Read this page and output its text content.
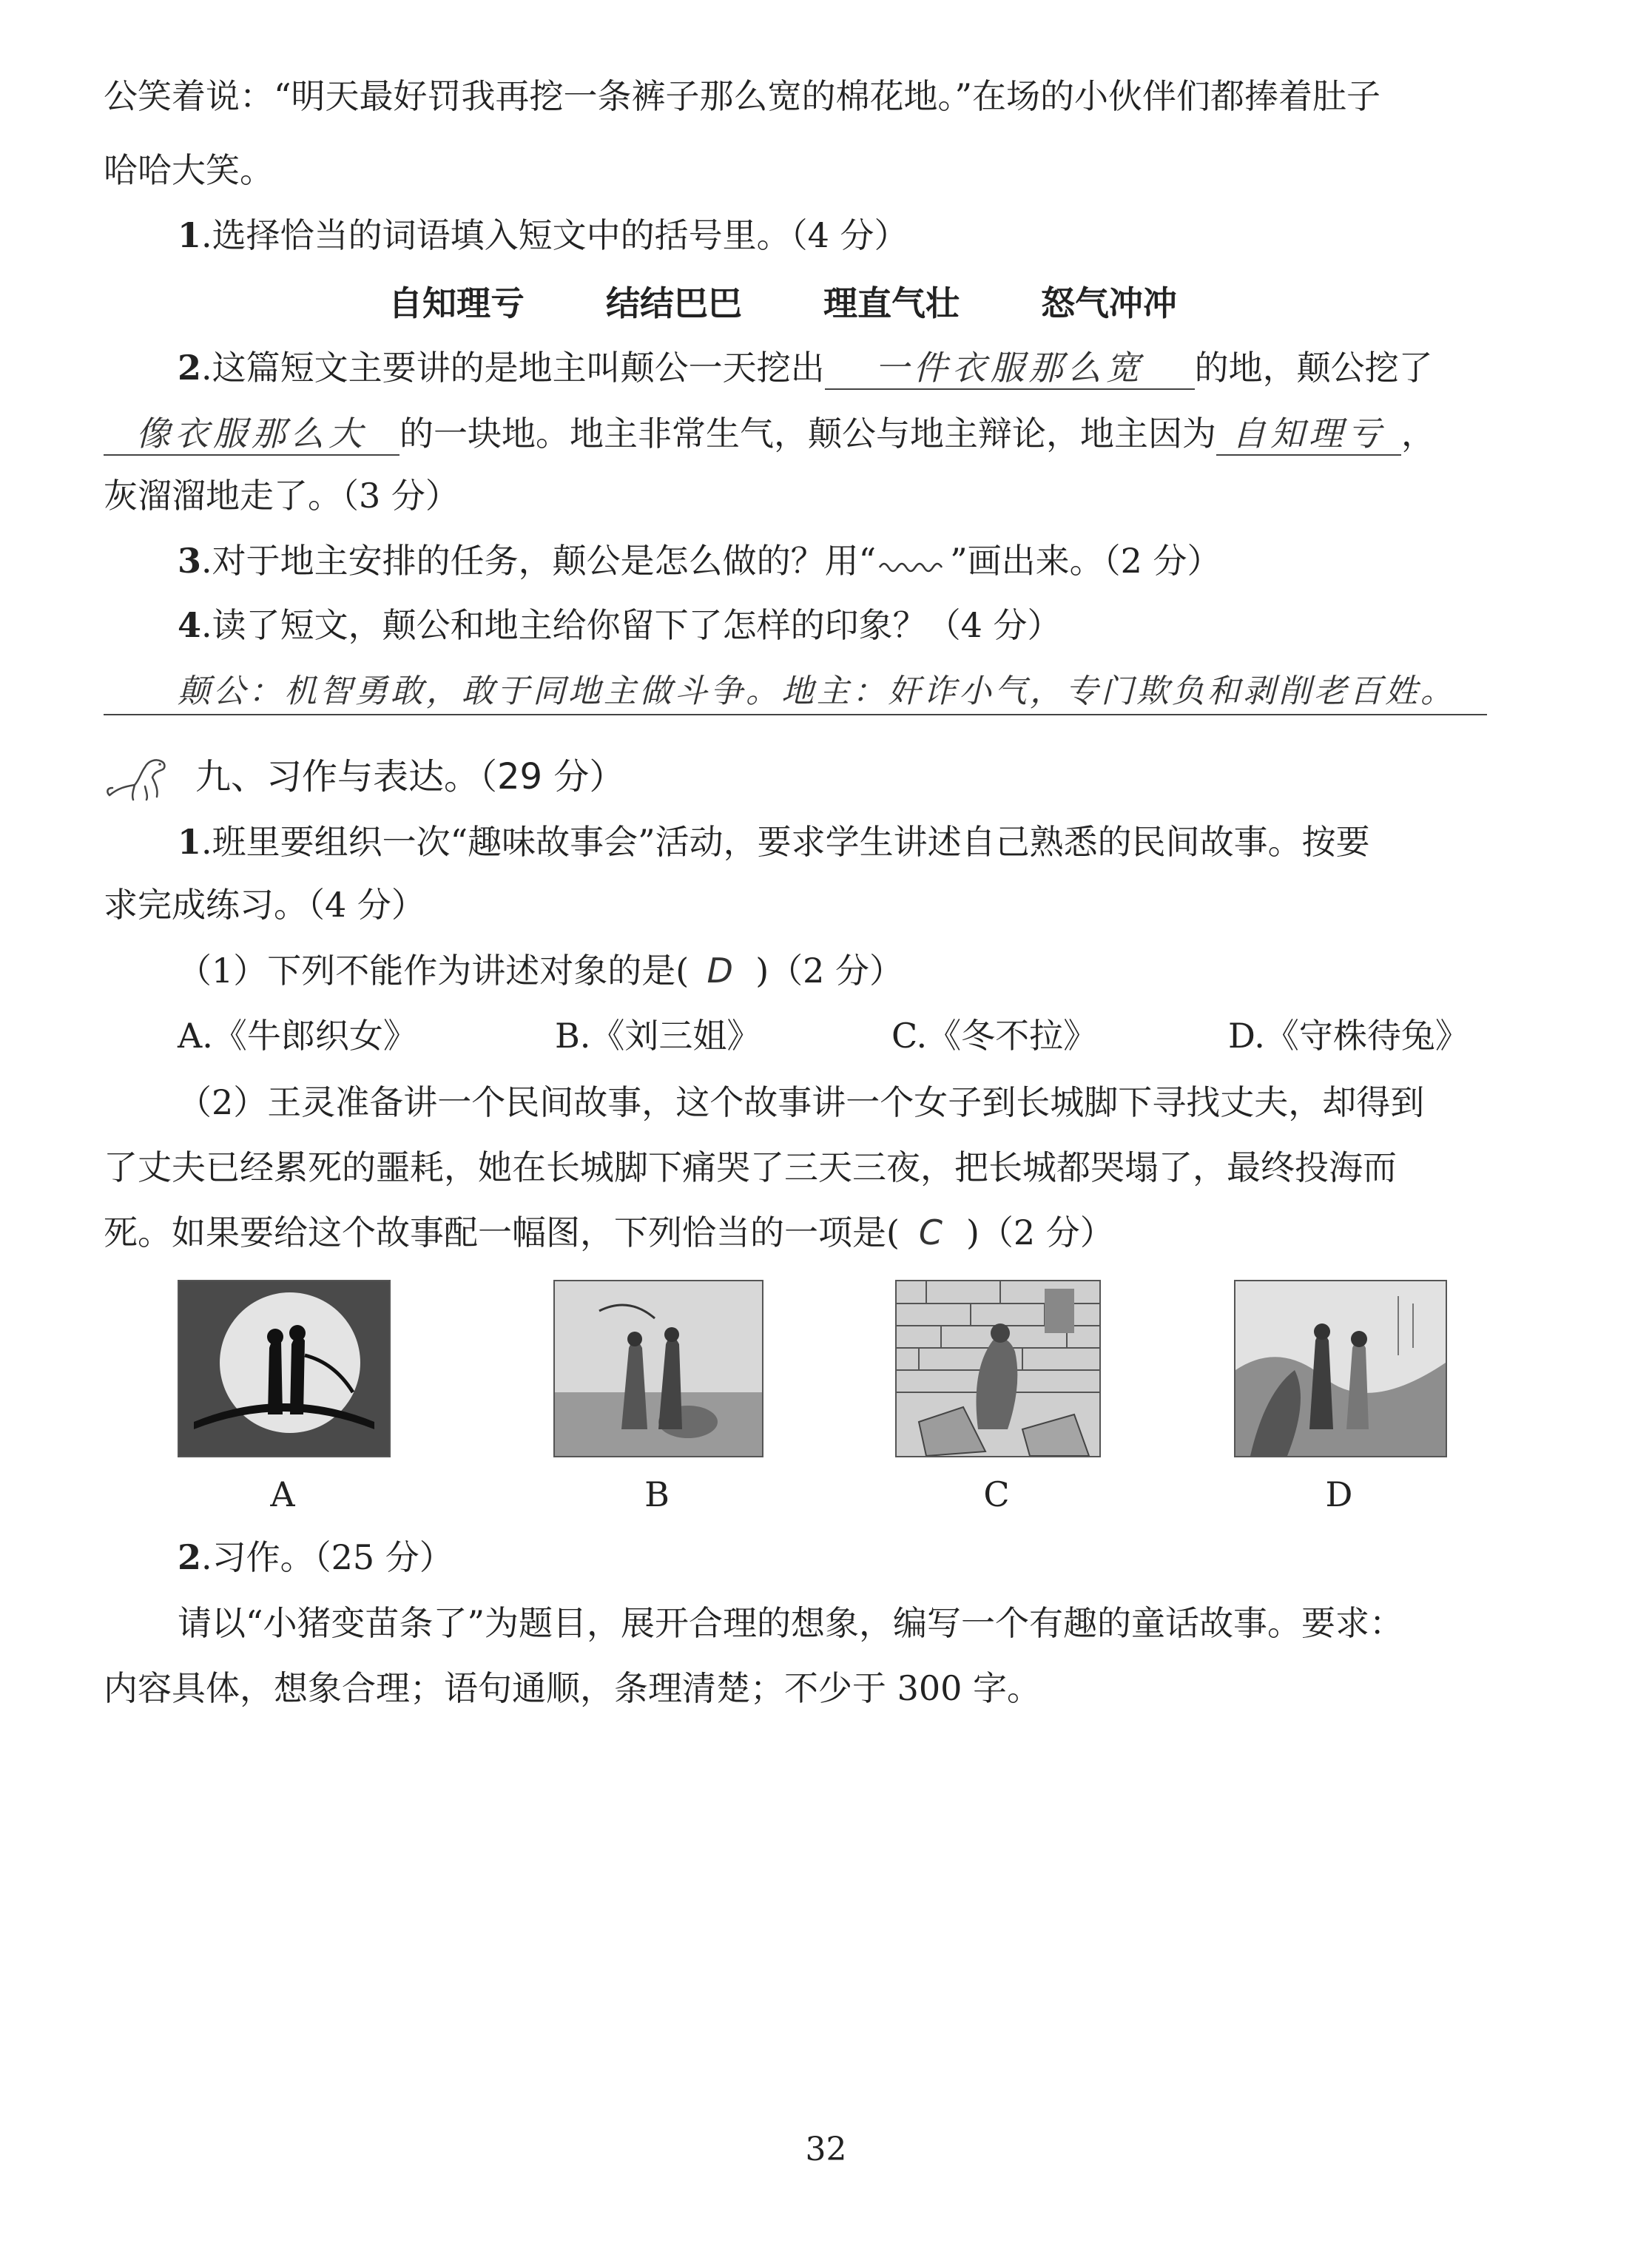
公笑着说：“明天最好罚我再挖一条裤子那么宽的棉花地。”在场的小伙伴们都捧着肚子
哈哈大笑。
1.选择恰当的词语填入短文中的括号里。（4 分）
自知理亏 结结巴巴 理直气壮 怒气冲冲
2.这篇短文主要讲的是地主叫颠公一天挖出 一件衣服那么宽 的地，颠公挖了
像衣服那么大 的一块地。地主非常生气，颠公与地主辩论，地主因为 自知理亏 ，
灰溜溜地走了。（3 分）
3.对于地主安排的任务，颠公是怎么做的？用“ ”画出来。（2 分）
4.读了短文，颠公和地主给你留下了怎样的印象？（4 分）
颠公：机智勇敢，敢于同地主做斗争。地主：奸诈小气，专门欺负和剥削老百姓。
九、习作与表达。（29 分）
1.班里要组织一次“趣味故事会”活动，要求学生讲述自己熟悉的民间故事。按要
求完成练习。（4 分）
（1）下列不能作为讲述对象的是( D )（2 分）
A.《牛郎织女》	B.《刘三姐》	C.《冬不拉》	D.《守株待兔》
（2）王灵准备讲一个民间故事，这个故事讲一个女子到长城脚下寻找丈夫，却得到
了丈夫已经累死的噩耗，她在长城脚下痛哭了三天三夜，把长城都哭塌了，最终投海而
死。如果要给这个故事配一幅图，下列恰当的一项是( C )（2 分）
A	B	C	D
2.习作。（25 分）
请以“小猪变苗条了”为题目，展开合理的想象，编写一个有趣的童话故事。要求：
内容具体，想象合理；语句通顺，条理清楚；不少于 300 字。
32
